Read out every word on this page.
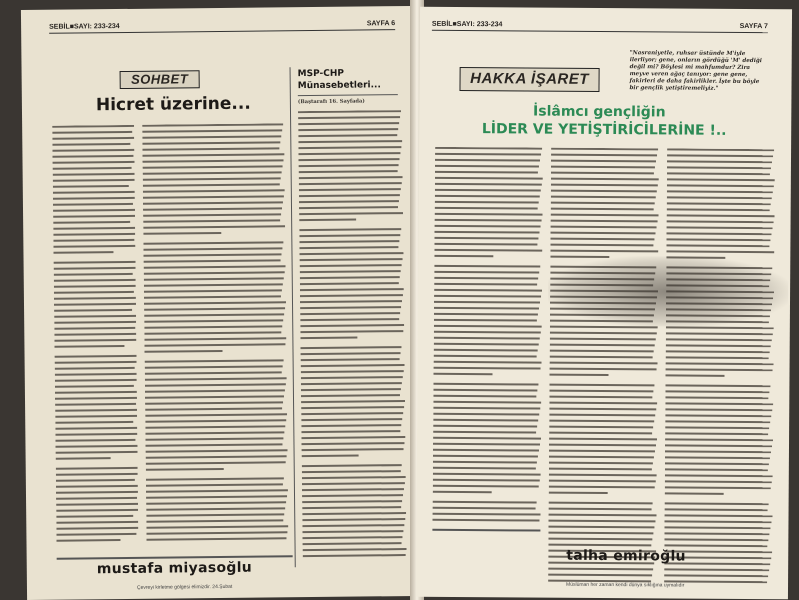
SEBİL■SAYI: 233-234	SAYFA 6
SOHBET
Hicret üzerine...
MSP-CHP
Münasebetleri...
(Baştarafı 16. Sayfada)
mustafa miyasoğlu
Çevreyi kirletme gölgesi elimizdir. 24.Şubat
SEBİL■SAYI: 233-234	SAYFA 7
HAKKA İŞARET
"Nasraniyetle, ruhsar üstünde M'iyle ilerliyor; gene, onların gördüğü 'M' dediği değil mi? Böylesi mi mahfumdur? Zira meyve veren ağaç tanıyor: gene gene, fakirleri de daha fakirlikler. İşte bu böyle bir gençlik yetiştiremeliyiz."
İslâmcı gençliğin
LİDER VE YETİŞTİRİCİLERİNE !..
talha emiroğlu
Müslüman her zaman kendi dünya sıklığına uymalıdır
